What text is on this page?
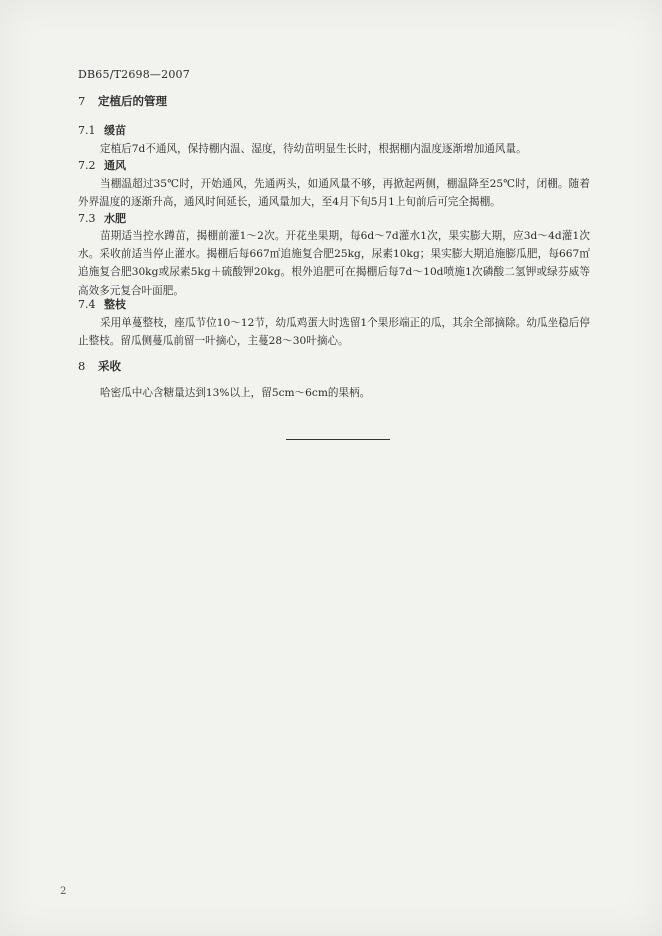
DB65/T2698—2007
7 定植后的管理
7.1 缓苗
定植后7d不通风，保持棚内温、湿度，待幼苗明显生长时，根据棚内温度逐渐增加通风量。
7.2 通风
当棚温超过35℃时，开始通风，先通两头，如通风量不够，再掀起两侧，棚温降至25℃时，闭棚。随着外界温度的逐渐升高，通风时间延长，通风量加大，至4月下旬5月1上旬前后可完全揭棚。
7.3 水肥
苗期适当控水蹲苗，揭棚前灌1～2次。开花坐果期，每6d～7d灌水1次，果实膨大期，应3d～4d灌1次水。采收前适当停止灌水。揭棚后每667㎡追施复合肥25kg，尿素10kg；果实膨大期追施膨瓜肥，每667㎡追施复合肥30kg或尿素5kg＋硫酸钾20kg。根外追肥可在揭棚后每7d～10d喷施1次磷酸二氢钾或绿芬威等高效多元复合叶面肥。
7.4 整枝
采用单蔓整枝，座瓜节位10～12节，幼瓜鸡蛋大时选留1个果形端正的瓜，其余全部摘除。幼瓜坐稳后停止整枝。留瓜侧蔓瓜前留一叶摘心，主蔓28～30叶摘心。
8 采收
哈密瓜中心含糖量达到13%以上，留5cm～6cm的果柄。
2
